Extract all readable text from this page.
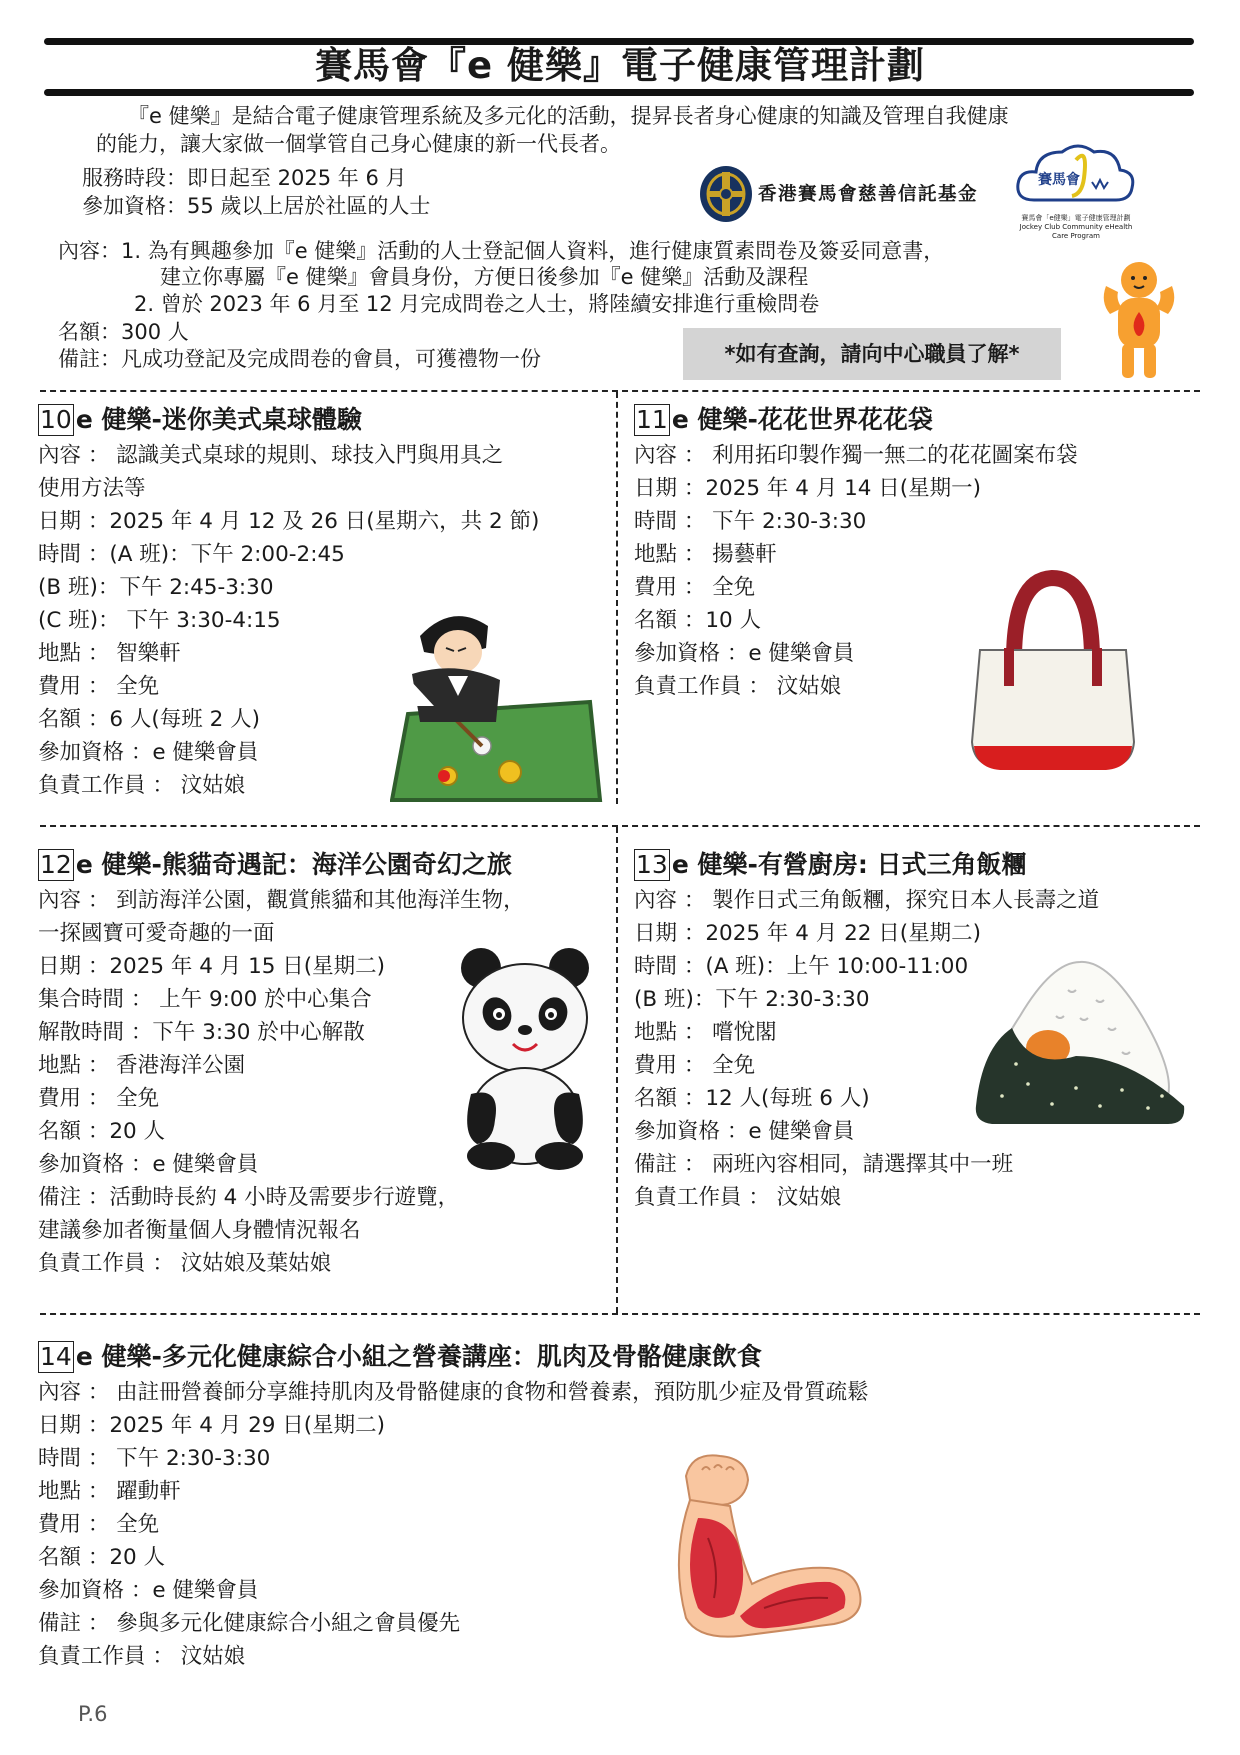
賽馬會『e 健樂』電子健康管理計劃
『e 健樂』是結合電子健康管理系統及多元化的活動，提昇長者身心健康的知識及管理自我健康
的能力，讓大家做一個掌管自己身心健康的新一代長者。
服務時段：即日起至 2025 年 6 月
參加資格：55 歲以上居於社區的人士	香港賽馬會慈善信託基金
賽馬會
賽馬會「e健樂」電子健康管理計劃
Jockey Club Community eHealth Care Program
內容：1. 為有興趣參加『e 健樂』活動的人士登記個人資料，進行健康質素問卷及簽妥同意書，
建立你專屬『e 健樂』會員身份，方便日後參加『e 健樂』活動及課程
2. 曾於 2023 年 6 月至 12 月完成問卷之人士，將陸續安排進行重檢問卷
名額：300 人
備註：凡成功登記及完成問卷的會員，可獲禮物一份	*如有查詢，請向中心職員了解*
10 e 健樂-迷你美式桌球體驗
內容 ： 認識美式桌球的規則、球技入門與用具之
使用方法等
日期 ：2025 年 4 月 12 及 26 日(星期六，共 2 節)
時間 ：(A 班)：下午 2:00-2:45
(B 班)：下午 2:45-3:30
(C 班)： 下午 3:30-4:15
地點 ： 智樂軒
費用 ： 全免
名額 ：6 人(每班 2 人)
參加資格 ：e 健樂會員
負責工作員 ： 汶姑娘
11 e 健樂-花花世界花花袋
內容 ： 利用拓印製作獨一無二的花花圖案布袋
日期 ：2025 年 4 月 14 日(星期一)
時間 ： 下午 2:30-3:30
地點 ： 揚藝軒
費用 ： 全免
名額 ：10 人
參加資格 ：e 健樂會員
負責工作員 ： 汶姑娘
12 e 健樂-熊貓奇遇記：海洋公園奇幻之旅
內容 ： 到訪海洋公園，觀賞熊貓和其他海洋生物，
一探國寶可愛奇趣的一面
日期 ：2025 年 4 月 15 日(星期二)
集合時間 ： 上午 9:00 於中心集合
解散時間 ：下午 3:30 於中心解散
地點 ： 香港海洋公園
費用 ： 全免
名額 ：20 人
參加資格 ：e 健樂會員
備注 ：活動時長約 4 小時及需要步行遊覽，
建議參加者衡量個人身體情況報名
負責工作員 ： 汶姑娘及葉姑娘
13 e 健樂-有營廚房: 日式三角飯糰
內容 ： 製作日式三角飯糰，探究日本人長壽之道
日期 ：2025 年 4 月 22 日(星期二)
時間 ：(A 班)：上午 10:00-11:00
(B 班)：下午 2:30-3:30
地點 ： 嚐悅閣
費用 ： 全免
名額 ：12 人(每班 6 人)
參加資格 ：e 健樂會員
備註 ： 兩班內容相同，請選擇其中一班
負責工作員 ： 汶姑娘
14 e 健樂-多元化健康綜合小組之營養講座：肌肉及骨骼健康飲食
內容 ： 由註冊營養師分享維持肌肉及骨骼健康的食物和營養素，預防肌少症及骨質疏鬆
日期 ：2025 年 4 月 29 日(星期二)
時間 ： 下午 2:30-3:30
地點 ： 躍動軒
費用 ： 全免
名額 ：20 人
參加資格 ：e 健樂會員
備註 ： 參與多元化健康綜合小組之會員優先
負責工作員 ： 汶姑娘
P.6
